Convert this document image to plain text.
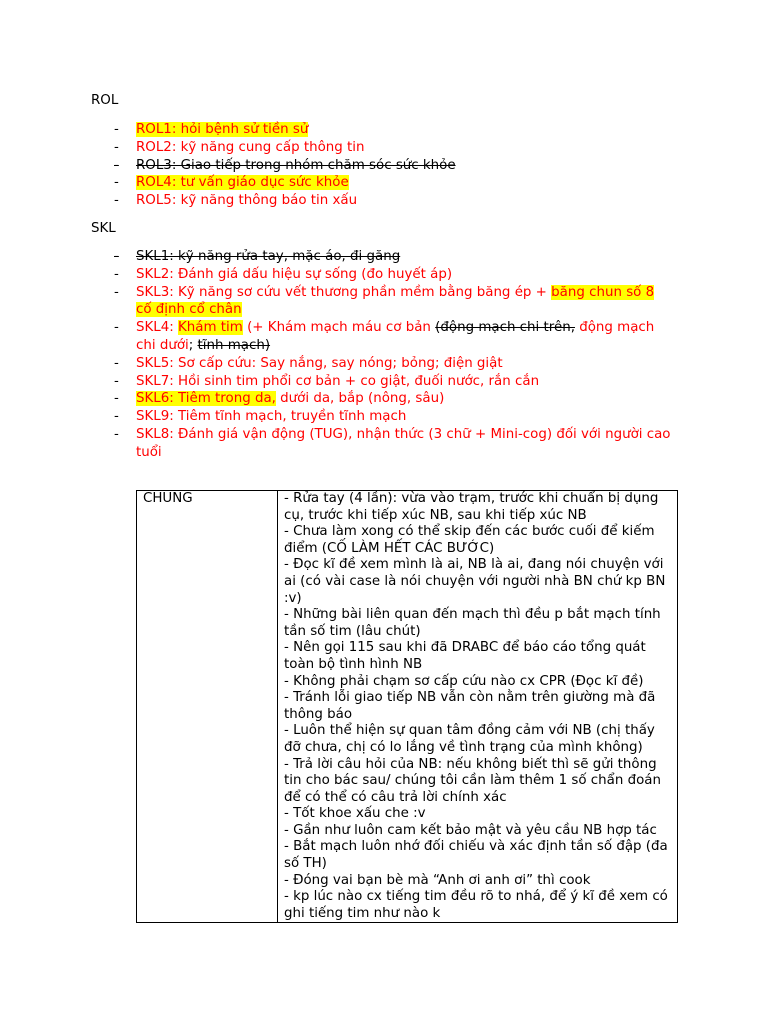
ROL
- ROL1: hỏi bệnh sử tiền sử
- ROL2: kỹ năng cung cấp thông tin
- ROL3: Giao tiếp trong nhóm chăm sóc sức khỏe
- ROL4: tư vấn giáo dục sức khỏe
- ROL5: kỹ năng thông báo tin xấu
SKL
- SKL1: kỹ năng rửa tay, mặc áo, đi găng
- SKL2: Đánh giá dấu hiệu sự sống (đo huyết áp)
- SKL3: Kỹ năng sơ cứu vết thương phần mềm bằng băng ép + băng chun số 8
cố định cổ chân
- SKL4: Khám tim (+ Khám mạch máu cơ bản (động mạch chi trên, động mạch chi dưới; tĩnh mạch)
- SKL5: Sơ cấp cứu: Say nắng, say nóng; bỏng; điện giật
- SKL7: Hồi sinh tim phổi cơ bản + co giật, đuối nước, rắn cắn
- SKL6: Tiêm trong da, dưới da, bắp (nông, sâu)
- SKL9: Tiêm tĩnh mạch, truyền tĩnh mạch
- SKL8: Đánh giá vận động (TUG), nhận thức (3 chữ + Mini-cog) đối với người cao tuổi
CHUNG	- Rửa tay (4 lần): vừa vào trạm, trước khi chuẩn bị dụng cụ, trước khi tiếp xúc NB, sau khi tiếp xúc NB
- Chưa làm xong có thể skip đến các bước cuối để kiếm điểm (CỐ LÀM HẾT CÁC BƯỚC)
- Đọc kĩ đề xem mình là ai, NB là ai, đang nói chuyện với ai (có vài case là nói chuyện với người nhà BN chứ kp BN :v)
- Những bài liên quan đến mạch thì đều p bắt mạch tính tần số tim (lâu chút)
- Nên gọi 115 sau khi đã DRABC để báo cáo tổng quát toàn bộ tình hình NB
- Không phải chạm sơ cấp cứu nào cx CPR (Đọc kĩ đề)
- Tránh lỗi giao tiếp NB vẫn còn nằm trên giường mà đã thông báo
- Luôn thể hiện sự quan tâm đồng cảm với NB (chị thấy đỡ chưa, chị có lo lắng về tình trạng của mình không)
- Trả lời câu hỏi của NB: nếu không biết thì sẽ gửi thông tin cho bác sau/ chúng tôi cần làm thêm 1 số chẩn đoán để có thể có câu trả lời chính xác
- Tốt khoe xấu che :v
- Gần như luôn cam kết bảo mật và yêu cầu NB hợp tác
- Bắt mạch luôn nhớ đối chiếu và xác định tần số đập (đa số TH)
- Đóng vai bạn bè mà “Anh ơi anh ơi” thì cook
- kp lúc nào cx tiếng tim đều rõ to nhá, để ý kĩ đề xem có ghi tiếng tim như nào k
